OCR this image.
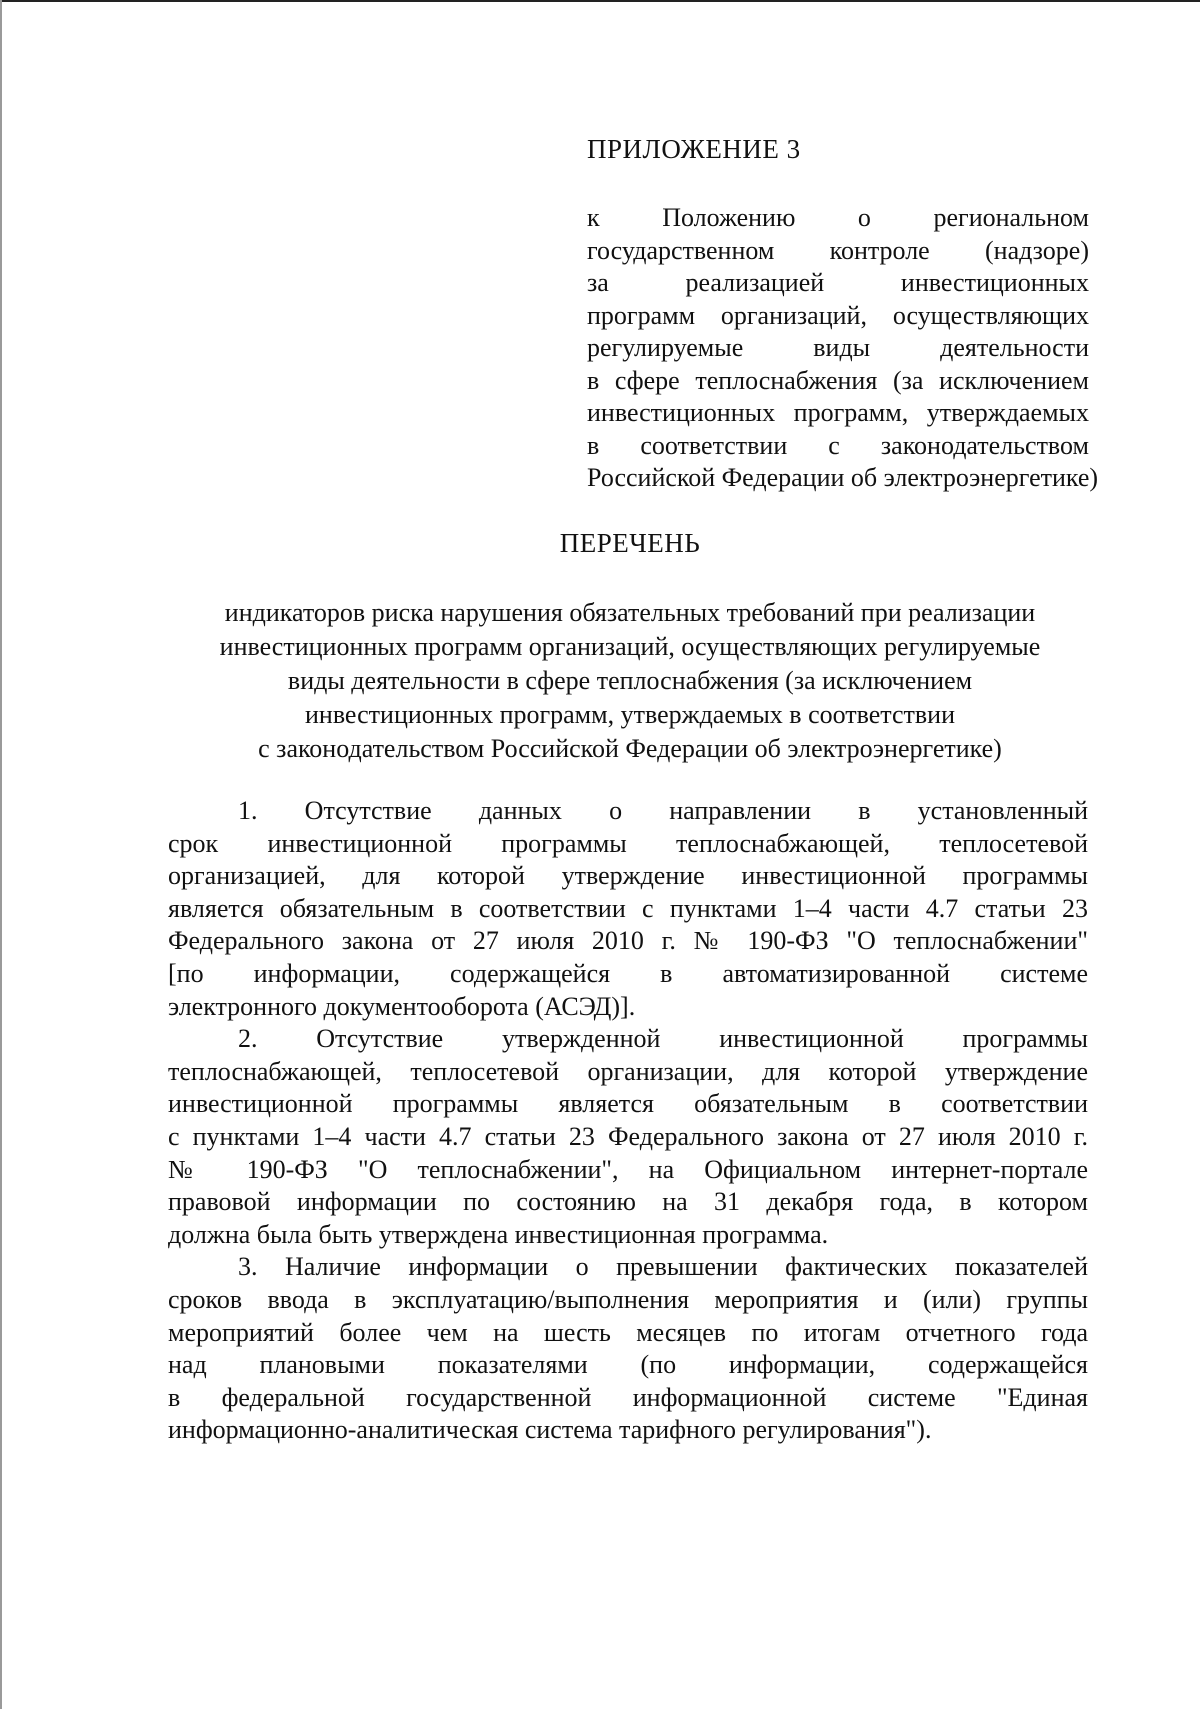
ПРИЛОЖЕНИЕ 3
к Положению о региональном
государственном контроле (надзоре)
за реализацией инвестиционных
программ организаций, осуществляющих
регулируемые виды деятельности
в сфере теплоснабжения (за исключением
инвестиционных программ, утверждаемых
в соответствии с законодательством
Российской Федерации об электроэнергетике)
ПЕРЕЧЕНЬ
индикаторов риска нарушения обязательных требований при реализации
инвестиционных программ организаций, осуществляющих регулируемые
виды деятельности в сфере теплоснабжения (за исключением
инвестиционных программ, утверждаемых в соответствии
с законодательством Российской Федерации об электроэнергетике)
1. Отсутствие данных о направлении в установленный
срок инвестиционной программы теплоснабжающей, теплосетевой
организацией, для которой утверждение инвестиционной программы
является обязательным в соответствии с пунктами 1–4 части 4.7 статьи 23
Федерального закона от 27 июля 2010 г. № 190-ФЗ "О теплоснабжении"
[по информации, содержащейся в автоматизированной системе
электронного документооборота (АСЭД)].
2. Отсутствие утвержденной инвестиционной программы
теплоснабжающей, теплосетевой организации, для которой утверждение
инвестиционной программы является обязательным в соответствии
с пунктами 1–4 части 4.7 статьи 23 Федерального закона от 27 июля 2010 г.
№ 190-ФЗ "О теплоснабжении", на Официальном интернет-портале
правовой информации по состоянию на 31 декабря года, в котором
должна была быть утверждена инвестиционная программа.
3. Наличие информации о превышении фактических показателей
сроков ввода в эксплуатацию/выполнения мероприятия и (или) группы
мероприятий более чем на шесть месяцев по итогам отчетного года
над плановыми показателями (по информации, содержащейся
в федеральной государственной информационной системе "Единая
информационно-аналитическая система тарифного регулирования").
